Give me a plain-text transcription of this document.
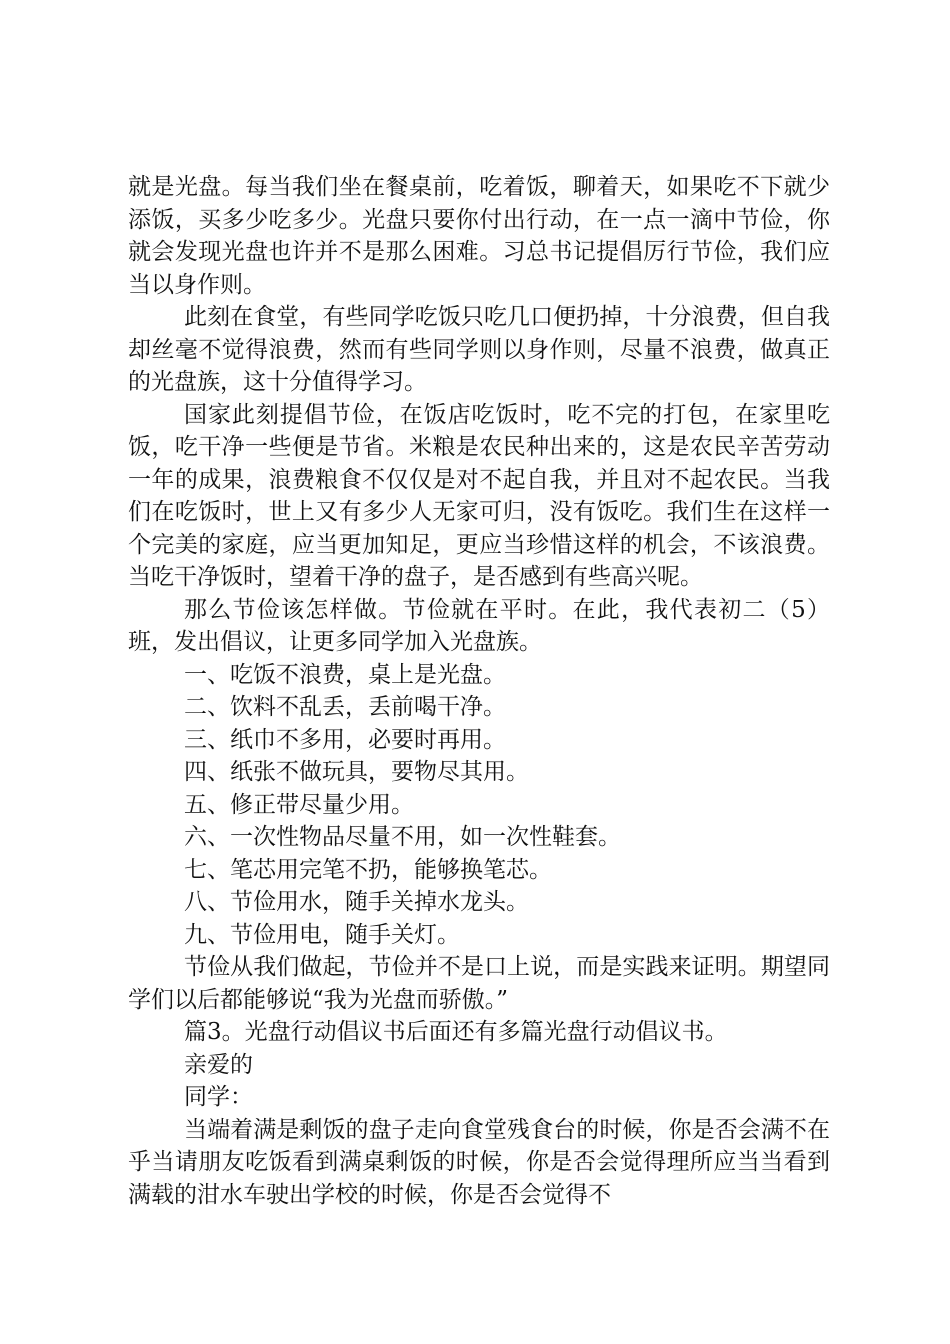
就是光盘。每当我们坐在餐桌前，吃着饭，聊着天，如果吃不下就少添饭，买多少吃多少。光盘只要你付出行动，在一点一滴中节俭，你就会发现光盘也许并不是那么困难。习总书记提倡厉行节俭，我们应当以身作则。

此刻在食堂，有些同学吃饭只吃几口便扔掉，十分浪费，但自我却丝毫不觉得浪费，然而有些同学则以身作则，尽量不浪费，做真正的光盘族，这十分值得学习。

国家此刻提倡节俭，在饭店吃饭时，吃不完的打包，在家里吃饭，吃干净一些便是节省。米粮是农民种出来的，这是农民辛苦劳动一年的成果，浪费粮食不仅仅是对不起自我，并且对不起农民。当我们在吃饭时，世上又有多少人无家可归，没有饭吃。我们生在这样一个完美的家庭，应当更加知足，更应当珍惜这样的机会，不该浪费。当吃干净饭时，望着干净的盘子，是否感到有些高兴呢。

那么节俭该怎样做。节俭就在平时。在此，我代表初二（5）班，发出倡议，让更多同学加入光盘族。

一、吃饭不浪费，桌上是光盘。

二、饮料不乱丢，丢前喝干净。

三、纸巾不多用，必要时再用。

四、纸张不做玩具，要物尽其用。

五、修正带尽量少用。

六、一次性物品尽量不用，如一次性鞋套。

七、笔芯用完笔不扔，能够换笔芯。

八、节俭用水，随手关掉水龙头。

九、节俭用电，随手关灯。

节俭从我们做起，节俭并不是口上说，而是实践来证明。期望同学们以后都能够说“我为光盘而骄傲。”

篇3。光盘行动倡议书后面还有多篇光盘行动倡议书。

亲爱的

同学：

当端着满是剩饭的盘子走向食堂残食台的时候，你是否会满不在乎当请朋友吃饭看到满桌剩饭的时候，你是否会觉得理所应当当看到满载的泔水车驶出学校的时候，你是否会觉得不
